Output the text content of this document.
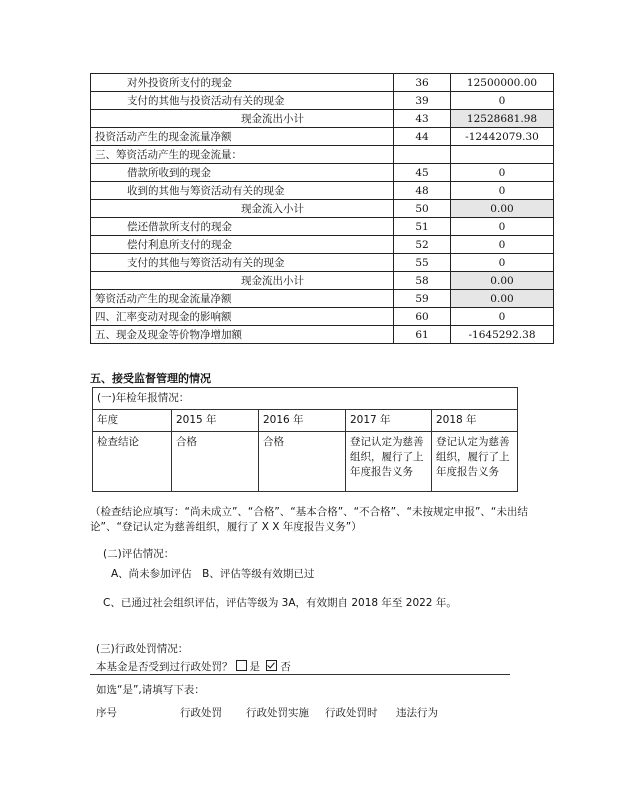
对外投资所支付的现金	36	12500000.00
支付的其他与投资活动有关的现金	39	0
现金流出小计	43	12528681.98
投资活动产生的现金流量净额	44	-12442079.30
三、筹资活动产生的现金流量：		
借款所收到的现金	45	0
收到的其他与筹资活动有关的现金	48	0
现金流入小计	50	0.00
偿还借款所支付的现金	51	0
偿付利息所支付的现金	52	0
支付的其他与筹资活动有关的现金	55	0
现金流出小计	58	0.00
筹资活动产生的现金流量净额	59	0.00
四、汇率变动对现金的影响额	60	0
五、现金及现金等价物净增加额	61	-1645292.38
五、接受监督管理的情况
(一)年检年报情况：				
年度	2015 年	2016 年	2017 年	2018 年
检查结论	合格	合格	登记认定为慈善组织，履行了上年度报告义务	登记认定为慈善组织，履行了上年度报告义务
（检查结论应填写：“尚未成立”、“合格”、“基本合格”、“不合格”、“未按规定申报”、“未出结论”、“登记认定为慈善组织，履行了 X X 年度报告义务”）
(二)评估情况：
A、尚未参加评估　B、评估等级有效期已过
C、已通过社会组织评估，评估等级为 3A，有效期自 2018 年至 2022 年。
(三)行政处罚情况：
本基金是否受到过行政处罚？ 是 否
如选“是”,请填写下表：
序号	行政处罚 行政处罚实施 行政处罚时 违法行为
